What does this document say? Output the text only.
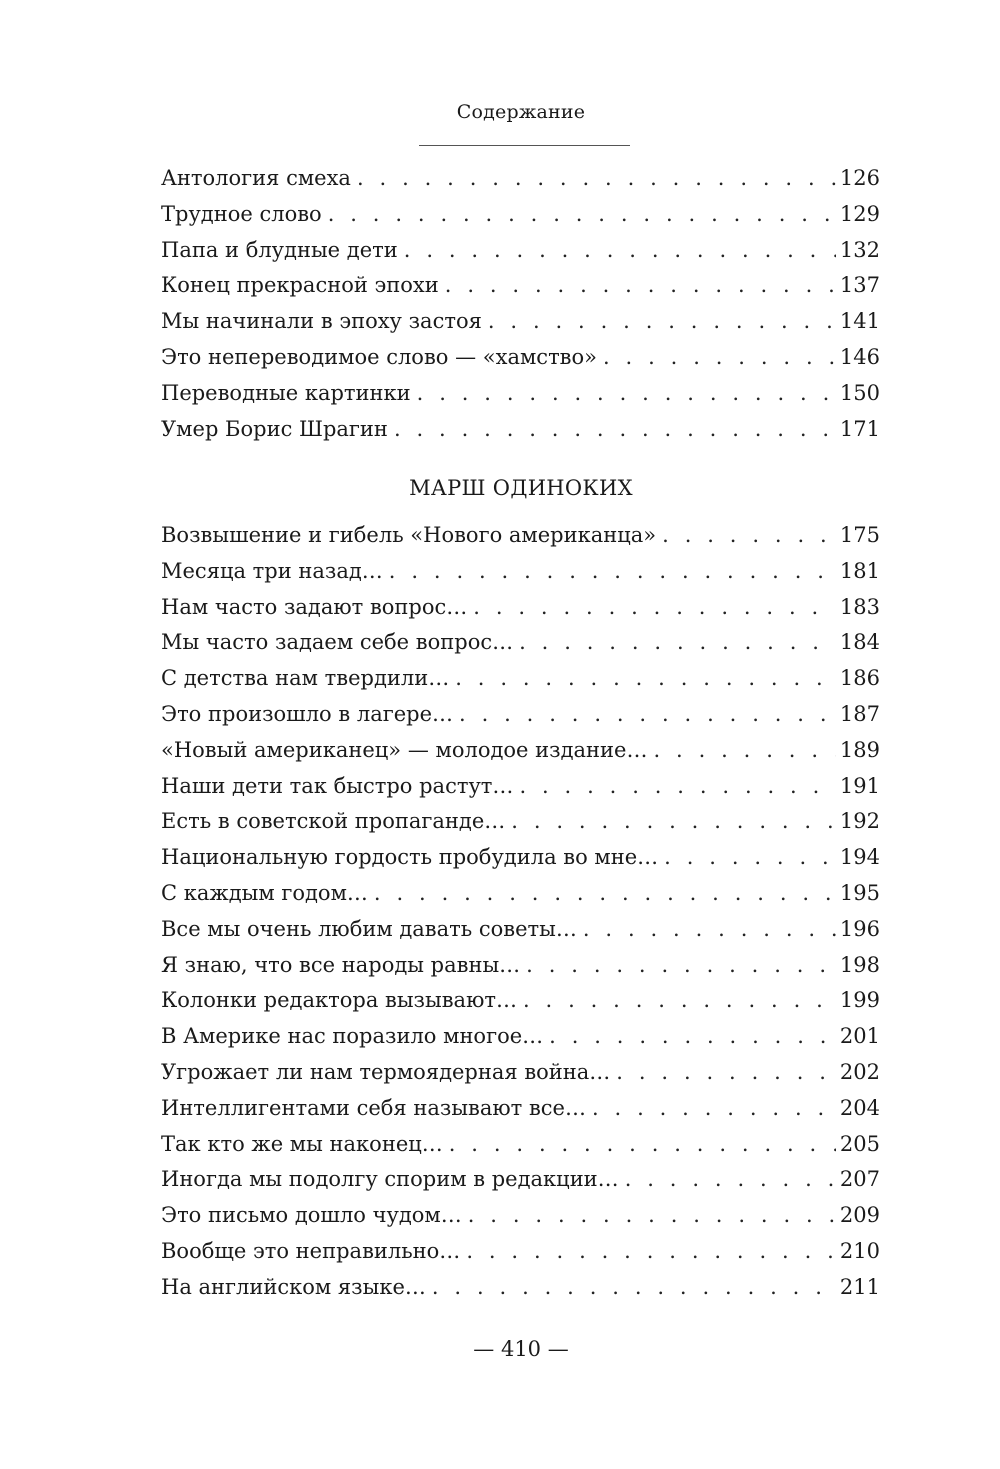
Содержание
Антология смеха . . .	126
Трудное слово . . .	129
Папа и блудные дети . . .	132
Конец прекрасной эпохи . . .	137
Мы начинали в эпоху застоя . . .	141
Это непереводимое слово — «хамство» . . .	146
Переводные картинки . . .	150
Умер Борис Шрагин . . .	171
МАРШ ОДИНОКИХ
Возвышение и гибель «Нового американца» . . .	175
Месяца три назад… . . .	181
Нам часто задают вопрос… . . .	183
Мы часто задаем себе вопрос… . . .	184
С детства нам твердили… . . .	186
Это произошло в лагере… . . .	187
«Новый американец» — молодое издание… . . .	189
Наши дети так быстро растут… . . .	191
Есть в советской пропаганде… . . .	192
Национальную гордость пробудила во мне… . . .	194
С каждым годом… . . .	195
Все мы очень любим давать советы… . . .	196
Я знаю, что все народы равны… . . .	198
Колонки редактора вызывают… . . .	199
В Америке нас поразило многое… . . .	201
Угрожает ли нам термоядерная война… . . .	202
Интеллигентами себя называют все… . . .	204
Так кто же мы наконец… . . .	205
Иногда мы подолгу спорим в редакции… . . .	207
Это письмо дошло чудом… . . .	209
Вообще это неправильно… . . .	210
На английском языке… . . .	211
— 410 —
